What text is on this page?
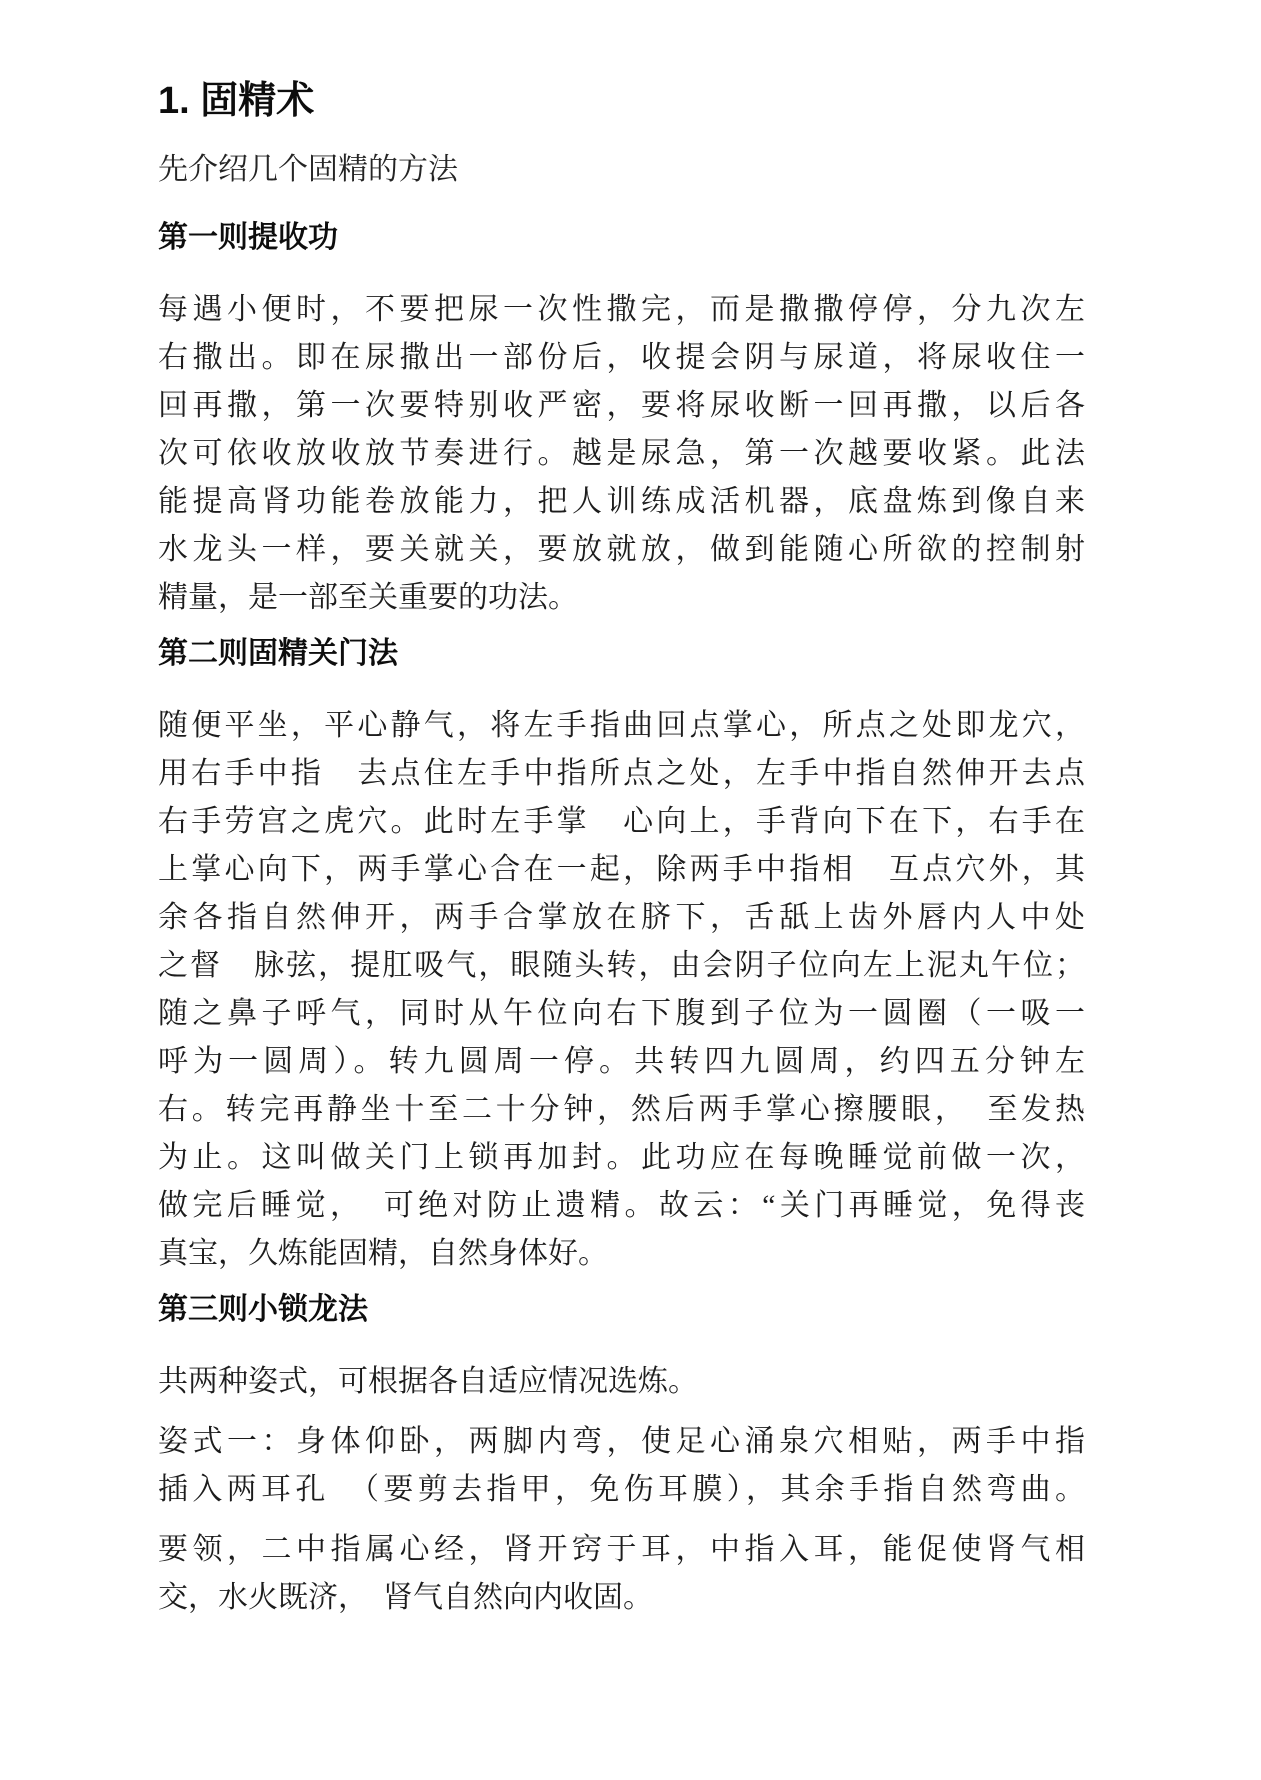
1. 固精术
先介绍几个固精的方法
第一则提收功
每遇小便时，不要把尿一次性撒完，而是撒撒停停，分九次左
右撒出。即在尿撒出一部份后，收提会阴与尿道，将尿收住一
回再撒，第一次要特别收严密，要将尿收断一回再撒，以后各
次可依收放收放节奏进行。越是尿急，第一次越要收紧。此法
能提高肾功能卷放能力，把人训练成活机器，底盘炼到像自来
水龙头一样，要关就关，要放就放，做到能随心所欲的控制射
精量，是一部至关重要的功法。
第二则固精关门法
随便平坐，平心静气，将左手指曲回点掌心，所点之处即龙穴，
用右手中指　去点住左手中指所点之处，左手中指自然伸开去点
右手劳宫之虎穴。此时左手掌　心向上，手背向下在下，右手在
上掌心向下，两手掌心合在一起，除两手中指相　互点穴外，其
余各指自然伸开，两手合掌放在脐下，舌舐上齿外唇内人中处
之督　脉弦，提肛吸气，眼随头转，由会阴子位向左上泥丸午位；
随之鼻子呼气，同时从午位向右下腹到子位为一圆圈（一吸一
呼为一圆周）。转九圆周一停。共转四九圆周，约四五分钟左
右。转完再静坐十至二十分钟，然后两手掌心擦腰眼，　至发热
为止。这叫做关门上锁再加封。此功应在每晚睡觉前做一次，
做完后睡觉，　可绝对防止遗精。故云：“关门再睡觉，免得丧
真宝，久炼能固精，自然身体好。
第三则小锁龙法
共两种姿式，可根据各自适应情况选炼。
姿式一：身体仰卧，两脚内弯，使足心涌泉穴相贴，两手中指
插入两耳孔　（要剪去指甲，免伤耳膜），其余手指自然弯曲。
要领，二中指属心经，肾开窍于耳，中指入耳，能促使肾气相
交，水火既济，　肾气自然向内收固。
